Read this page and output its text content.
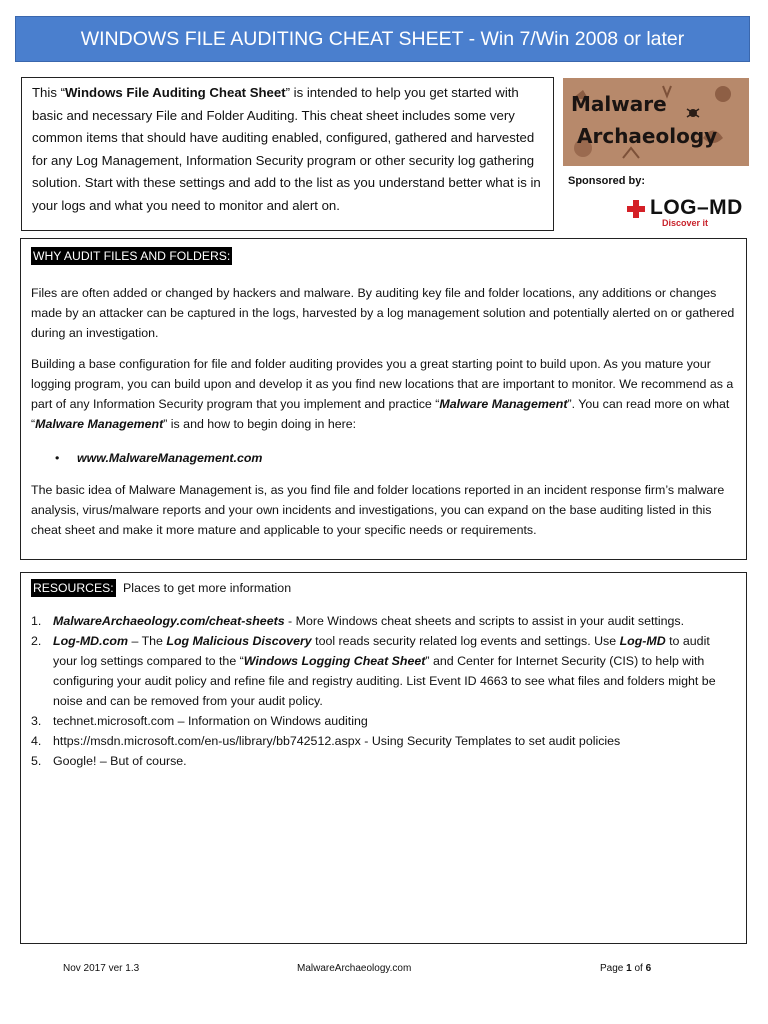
WINDOWS FILE AUDITING CHEAT SHEET - Win 7/Win 2008 or later
This “Windows File Auditing Cheat Sheet” is intended to help you get started with basic and necessary File and Folder Auditing. This cheat sheet includes some very common items that should have auditing enabled, configured, gathered and harvested for any Log Management, Information Security program or other security log gathering solution. Start with these settings and add to the list as you understand better what is in your logs and what you need to monitor and alert on.
Malware
Archaeology
Sponsored by:
LOG–MD
Discover it
WHY AUDIT FILES AND FOLDERS:

Files are often added or changed by hackers and malware. By auditing key file and folder locations, any additions or changes made by an attacker can be captured in the logs, harvested by a log management solution and potentially alerted on or gathered during an investigation.

Building a base configuration for file and folder auditing provides you a great starting point to build upon. As you mature your logging program, you can build upon and develop it as you find new locations that are important to monitor. We recommend as a part of any Information Security program that you implement and practice “Malware Management”. You can read more on what “Malware Management” is and how to begin doing in here:

• www.MalwareManagement.com

The basic idea of Malware Management is, as you find file and folder locations reported in an incident response firm’s malware analysis, virus/malware reports and your own incidents and investigations, you can expand on the base auditing listed in this cheat sheet and make it more mature and applicable to your specific needs or requirements.

RESOURCES: Places to get more information
1. MalwareArchaeology.com/cheat-sheets - More Windows cheat sheets and scripts to assist in your audit settings.
2. Log-MD.com – The Log Malicious Discovery tool reads security related log events and settings. Use Log-MD to audit your log settings compared to the “Windows Logging Cheat Sheet” and Center for Internet Security (CIS) to help with configuring your audit policy and refine file and registry auditing. List Event ID 4663 to see what files and folders might be noise and can be removed from your audit policy.
3. technet.microsoft.com – Information on Windows auditing
4. https://msdn.microsoft.com/en-us/library/bb742512.aspx - Using Security Templates to set audit policies
5. Google! – But of course.
Nov 2017 ver 1.3	MalwareArchaeology.com	Page 1 of 6
